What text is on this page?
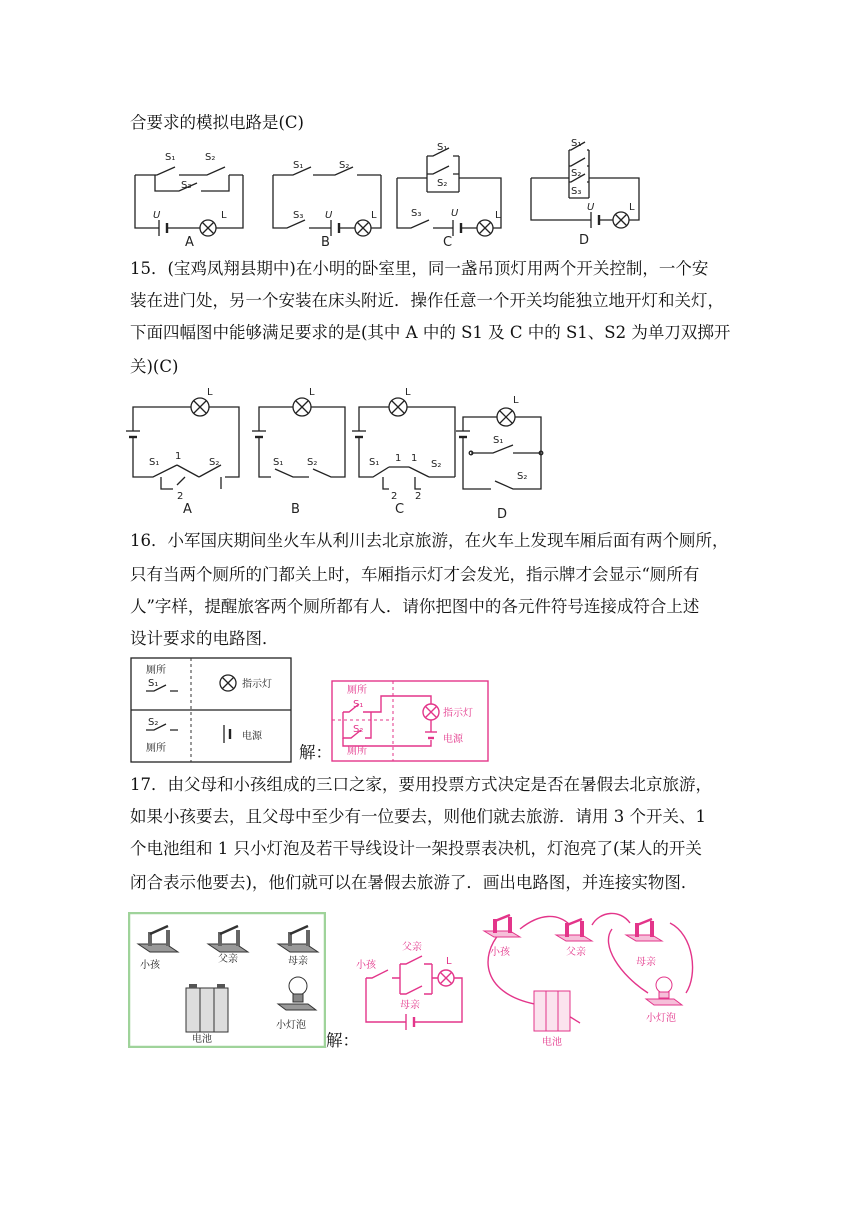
合要求的模拟电路是(C)
S₁	S₂
S₃
U	L
A
S₁	S₂
S₃ U	L
B
S₁
S₂
S₃	U	L
C
S₁
S₂
S₃
U	L
D
15．(宝鸡凤翔县期中)在小明的卧室里，同一盏吊顶灯用两个开关控制，一个安
装在进门处，另一个安装在床头附近．操作任意一个开关均能独立地开灯和关灯，
下面四幅图中能够满足要求的是(其中 A 中的 S1 及 C 中的 S1、S2 为单刀双掷开
关)(C)
L
S₁
1
S₂
2
A
L
S₁ S₂
B
L
S₁ 1 1
S₂
2 2
C
L
S₁
S₂
D
16．小军国庆期间坐火车从利川去北京旅游，在火车上发现车厢后面有两个厕所，
只有当两个厕所的门都关上时，车厢指示灯才会发光，指示牌才会显示“厕所有
人”字样，提醒旅客两个厕所都有人．请你把图中的各元件符号连接成符合上述
设计要求的电路图．
厕所
S₁
S₂
厕所
指示灯
电源
解：
厕所
S₁
S₂
厕所
指示灯
电源
17．由父母和小孩组成的三口之家，要用投票方式决定是否在暑假去北京旅游，
如果小孩要去，且父母中至少有一位要去，则他们就去旅游．请用 3 个开关、1
个电池组和 1 只小灯泡及若干导线设计一架投票表决机，灯泡亮了(某人的开关
闭合表示他要去)，他们就可以在暑假去旅游了．画出电路图，并连接实物图．
小孩
父亲	母亲
电池
小灯泡
解：
父亲
小孩
母亲
L
小孩	父亲
母亲
电池
小灯泡
